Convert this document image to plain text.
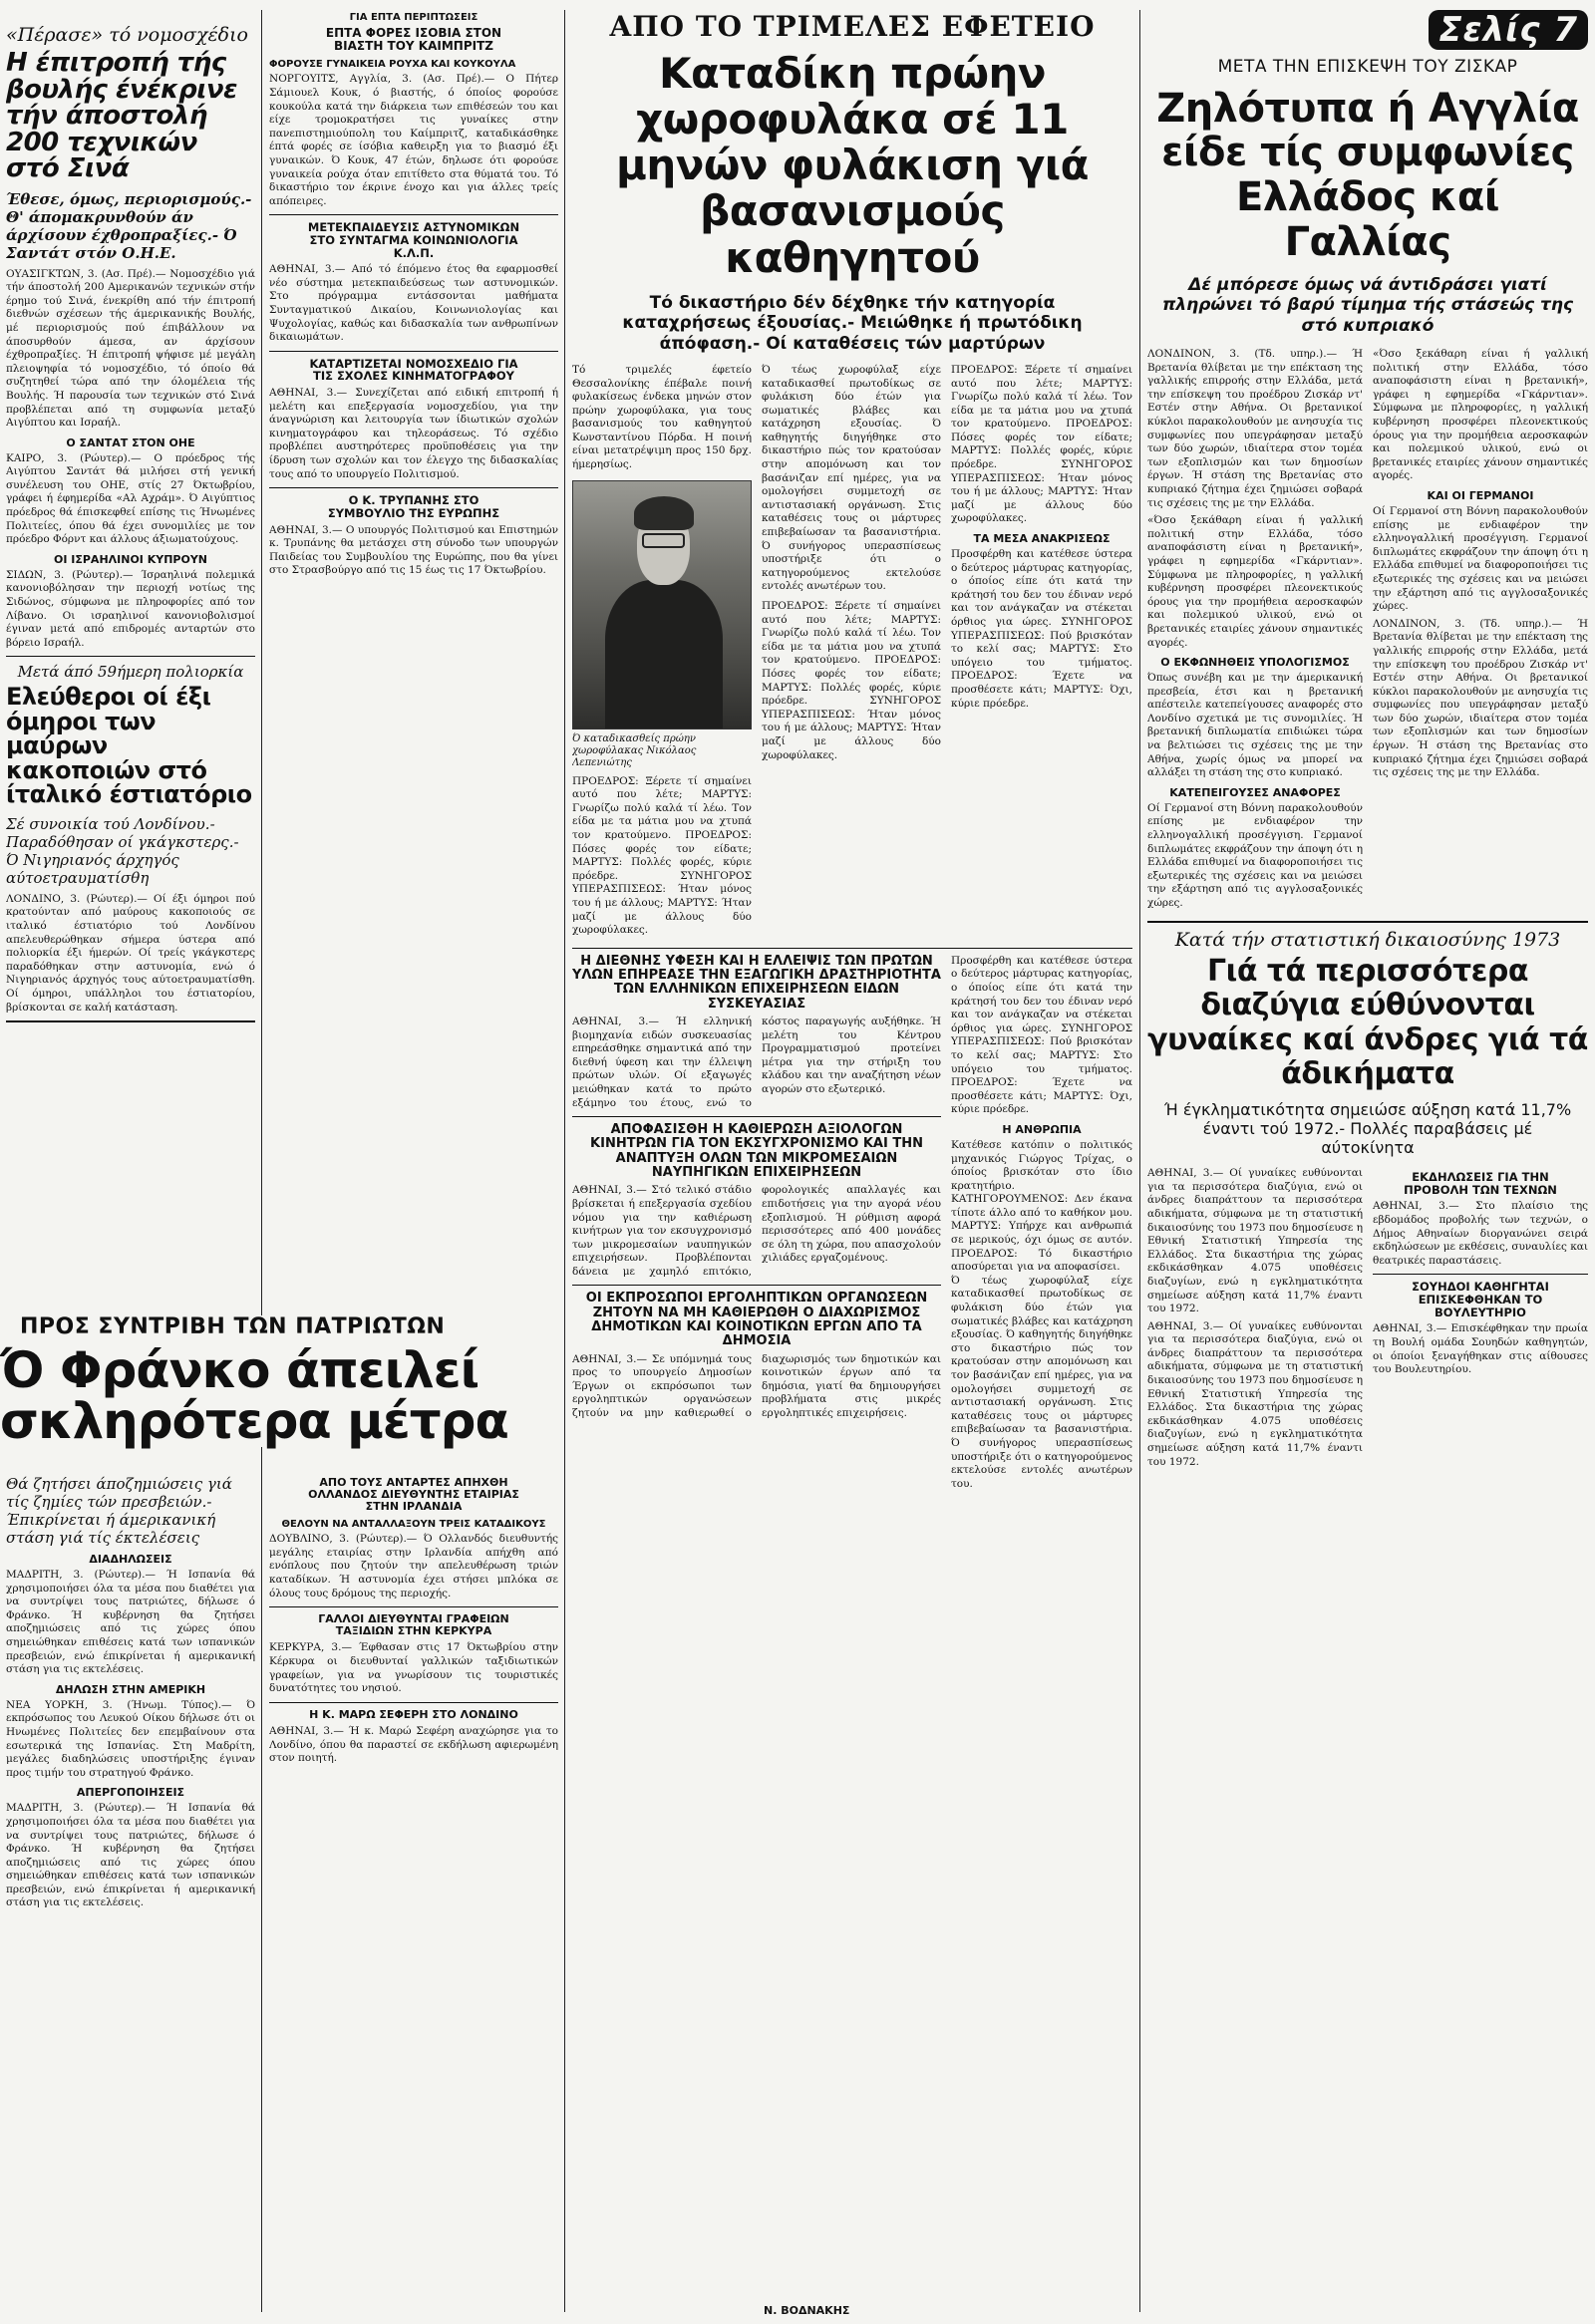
«Πέρασε» τό νομοσχέδιο
Η έπιτροπή τής βουλής ένέκρινε τήν άποστολή 200 τεχνικών στό Σινά
Έθεσε, όμως, περιορισμούς.- Θ' άπομακρυνθούν άν άρχίσουν έχθροπραξίες.- Ό Σαντάτ στόν Ο.Η.Ε.
ΟΥΑΣΙΓΚΤΩΝ, 3. (Ασ. Πρέ).— Νομοσχέδιο γιά τήν άποστολή 200 Αμερικανών τεχνικών στήν έρημο τού Σινά, ένεκρίθη από τήν έπιτροπή διεθνών σχέσεων τής άμερικανικής Βουλής, μέ περιορισμούς πού έπιβάλλουν να άποσυρθούν άμεσα, αν άρχίσουν έχθροπραξίες. Ή έπιτροπή ψήφισε μέ μεγάλη πλειοψηφία τό νομοσχέδιο, τό όποίο θά συζητηθεί τώρα από την όλομέλεια τής Βουλής. Ή παρουσία των τεχνικών στό Σινά προβλέπεται από τη συμφωνία μεταξύ Αιγύπτου και Ισραήλ.
Ο ΣΑΝΤΑΤ ΣΤΟΝ ΟΗΕ
ΚΑΙΡΟ, 3. (Ρώυτερ).— Ο πρόεδρος τής Αιγύπτου Σαντάτ θά μιλήσει στή γενική συνέλευση του ΟΗΕ, στίς 27 Όκτωβρίου, γράφει ή έφημερίδα «Αλ Αχράμ». Ό Αιγύπτιος πρόεδρος θά έπισκεφθεί επίσης τις Ήνωμένες Πολιτείες, όπου θά έχει συνομιλίες με τον πρόεδρο Φόρντ και άλλους άξιωματούχους.
ΟΙ ΙΣΡΑΗΛΙΝΟΙ ΚΥΠΡΟΥΝ
ΣΙΔΩΝ, 3. (Ρώυτερ).— Ίσραηλινά πολεμικά κανονιοβόλησαν την περιοχή νοτίως της Σιδώνος, σύμφωνα με πληροφορίες από τον Λίβανο. Οι ισραηλινοί κανονιοβολισμοί έγιναν μετά από επιδρομές ανταρτών στο βόρειο Ισραήλ.
Μετά άπό 59ήμερη πολιορκία
Ελεύθεροι οί έξι όμηροι των μαύρων κακοποιών στό ίταλικό έστιατόριο
Σέ συνοικία τού Λονδίνου.- Παραδόθησαν οί γκάγκστερς.- Ό Νιγηριανός άρχηγός αύτοετραυματίσθη
ΛΟΝΔΙΝΟ, 3. (Ρώυτερ).— Οί έξι όμηροι πού κρατούνταν από μαύρους κακοποιούς σε ιταλικό έστιατόριο τού Λονδίνου απελευθερώθηκαν σήμερα ύστερα από πολιορκία έξι ήμερών. Οί τρείς γκάγκστερς παραδόθηκαν στην αστυνομία, ενώ ό Νιγηριανός άρχηγός τους αύτοετραυματίσθη. Οί όμηροι, υπάλληλοι του έστιατορίου, βρίσκονται σε καλή κατάσταση.
ΠΡΟΣ ΣΥΝΤΡΙΒΗ ΤΩΝ ΠΑΤΡΙΩΤΩΝ
Ό Φράνκο άπειλεί
σκληρότερα μέτρα
Θά ζητήσει άποζημιώσεις γιά τίς ζημίες τών πρεσβειών.- Έπικρίνεται ή άμερικανική στάση γιά τίς έκτελέσεις
ΔΙΑΔΗΛΩΣΕΙΣ
ΜΑΔΡΙΤΗ, 3. (Ρώυτερ).— Ή Ισπανία θά χρησιμοποιήσει όλα τα μέσα που διαθέτει για να συντρίψει τους πατριώτες, δήλωσε ό Φράνκο. Ή κυβέρνηση θα ζητήσει αποζημιώσεις από τις χώρες όπου σημειώθηκαν επιθέσεις κατά των ισπανικών πρεσβειών, ενώ έπικρίνεται ή αμερικανική στάση για τις εκτελέσεις.
ΔΗΛΩΣΗ ΣΤΗΝ ΑΜΕΡΙΚΗ
ΝΕΑ ΥΟΡΚΗ, 3. (Ήνωμ. Τύπος).— Ό εκπρόσωπος του Λευκού Οίκου δήλωσε ότι οι Ηνωμένες Πολιτείες δεν επεμβαίνουν στα εσωτερικά της Ισπανίας. Στη Μαδρίτη, μεγάλες διαδηλώσεις υποστήριξης έγιναν προς τιμήν του στρατηγού Φράνκο.
ΑΠΕΡΓΟΠΟΙΗΣΕΙΣ
ΜΑΔΡΙΤΗ, 3. (Ρώυτερ).— Ή Ισπανία θά χρησιμοποιήσει όλα τα μέσα που διαθέτει για να συντρίψει τους πατριώτες, δήλωσε ό Φράνκο. Ή κυβέρνηση θα ζητήσει αποζημιώσεις από τις χώρες όπου σημειώθηκαν επιθέσεις κατά των ισπανικών πρεσβειών, ενώ έπικρίνεται ή αμερικανική στάση για τις εκτελέσεις.
ΓΙΑ ΕΠΤΑ ΠΕΡΙΠΤΩΣΕΙΣ
ΕΠΤΑ ΦΟΡΕΣ ΙΣΟΒΙΑ ΣΤΟΝ ΒΙΑΣΤΗ ΤΟΥ ΚΑΙΜΠΡΙΤΖ
ΦΟΡΟΥΣΕ ΓΥΝΑΙΚΕΙΑ ΡΟΥΧΑ ΚΑΙ ΚΟΥΚΟΥΛΑ
ΝΟΡΓΟΥΙΤΣ, Αγγλία, 3. (Ασ. Πρέ).— Ο Πήτερ Σάμιουελ Κουκ, ό βιαστής, ό όποίος φορούσε κουκούλα κατά την διάρκεια των επιθέσεών του και είχε τρομοκρατήσει τις γυναίκες στην πανεπιστημιούπολη του Καίμπριτζ, καταδικάσθηκε έπτά φορές σε ίσόβια καθειρξη για το βιασμό έξι γυναικών. Ό Κουκ, 47 έτών, δηλωσε ότι φορούσε γυναικεία ρούχα όταν επιτίθετο στα θύματά του. Τό δικαστήριο τον έκρινε ένοχο και για άλλες τρείς απόπειρες.
ΜΕΤΕΚΠΑΙΔΕΥΣΙΣ ΑΣΤΥΝΟΜΙΚΩΝ ΣΤΟ ΣΥΝΤΑΓΜΑ ΚΟΙΝΩΝΙΟΛΟΓΙΑ Κ.Λ.Π.
ΑΘΗΝΑΙ, 3.— Από τό έπόμενο έτος θα εφαρμοσθεί νέο σύστημα μετεκπαιδεύσεως των αστυνομικών. Στο πρόγραμμα εντάσσονται μαθήματα Συνταγματικού Δικαίου, Κοινωνιολογίας και Ψυχολογίας, καθώς και διδασκαλία των ανθρωπίνων δικαιωμάτων.
ΚΑΤΑΡΤΙΖΕΤΑΙ ΝΟΜΟΣΧΕΔΙΟ ΓΙΑ ΤΙΣ ΣΧΟΛΕΣ ΚΙΝΗΜΑΤΟΓΡΑΦΟΥ
ΑΘΗΝΑΙ, 3.— Συνεχίζεται από ειδική επιτροπή ή μελέτη και επεξεργασία νομοσχεδίου, για την άναγνώριση και λειτουργία των ίδιωτικών σχολών κινηματογράφου και τηλεοράσεως. Τό σχέδιο προβλέπει αυστηρότερες προϋποθέσεις για την ίδρυση των σχολών και τον έλεγχο της διδασκαλίας τους από το υπουργείο Πολιτισμού.
Ο Κ. ΤΡΥΠΑΝΗΣ ΣΤΟ ΣΥΜΒΟΥΛΙΟ ΤΗΣ ΕΥΡΩΠΗΣ
ΑΘΗΝΑΙ, 3.— Ο υπουργός Πολιτισμού και Επιστημών κ. Τρυπάνης θα μετάσχει στη σύνοδο των υπουργών Παιδείας του Συμβουλίου της Ευρώπης, που θα γίνει στο Στρασβούργο από τις 15 έως τις 17 Όκτωβρίου.
ΑΠΟ ΤΟΥΣ ΑΝΤΑΡΤΕΣ ΑΠΗΧΘΗ ΟΛΛΑΝΔΟΣ ΔΙΕΥΘΥΝΤΗΣ ΕΤΑΙΡΙΑΣ ΣΤΗΝ ΙΡΛΑΝΔΙΑ
ΘΕΛΟΥΝ ΝΑ ΑΝΤΑΛΛΑΞΟΥΝ ΤΡΕΙΣ ΚΑΤΑΔΙΚΟΥΣ
ΔΟΥΒΛΙΝΟ, 3. (Ρώυτερ).— Ό Ολλανδός διευθυντής μεγάλης εταιρίας στην Ιρλανδία απήχθη από ενόπλους που ζητούν την απελευθέρωση τριών καταδίκων. Ή αστυνομία έχει στήσει μπλόκα σε όλους τους δρόμους της περιοχής.
ΓΑΛΛΟΙ ΔΙΕΥΘΥΝΤΑΙ ΓΡΑΦΕΙΩΝ ΤΑΞΙΔΙΩΝ ΣΤΗΝ ΚΕΡΚΥΡΑ
ΚΕΡΚΥΡΑ, 3.— Έφθασαν στις 17 Όκτωβρίου στην Κέρκυρα οι διευθυνταί γαλλικών ταξιδιωτικών γραφείων, για να γνωρίσουν τις τουριστικές δυνατότητες του νησιού.
Η Κ. ΜΑΡΩ ΣΕΦΕΡΗ ΣΤΟ ΛΟΝΔΙΝΟ
ΑΘΗΝΑΙ, 3.— Ή κ. Μαρώ Σεφέρη αναχώρησε για το Λονδίνο, όπου θα παραστεί σε εκδήλωση αφιερωμένη στον ποιητή.
ΑΠΟ ΤΟ ΤΡΙΜΕΛΕΣ ΕΦΕΤΕΙΟ
Καταδίκη πρώην χωροφυλάκα σέ 11 μηνών φυλάκιση γιά βασανισμούς καθηγητού
Τό δικαστήριο δέν δέχθηκε τήν κατηγορία καταχρήσεως έξουσίας.- Μειώθηκε ή πρωτόδικη άπόφαση.- Οί καταθέσεις τών μαρτύρων
Τό τριμελές έφετείο Θεσσαλονίκης έπέβαλε ποινή φυλακίσεως ένδεκα μηνών στον πρώην χωροφύλακα, για τους βασανισμούς του καθηγητού Κωνσταντίνου Πόρδα. Η ποινή είναι μετατρέψιμη προς 150 δρχ. ήμερησίως.
Ό καταδικασθείς πρώην χωροφύλακας Νικόλαος Λεπενιώτης
ΠΡΟΕΔΡΟΣ: Ξέρετε τί σημαίνει αυτό που λέτε; ΜΑΡΤΥΣ: Γνωρίζω πολύ καλά τί λέω. Τον είδα με τα μάτια μου να χτυπά τον κρατούμενο. ΠΡΟΕΔΡΟΣ: Πόσες φορές τον είδατε; ΜΑΡΤΥΣ: Πολλές φορές, κύριε πρόεδρε. ΣΥΝΗΓΟΡΟΣ ΥΠΕΡΑΣΠΙΣΕΩΣ: Ήταν μόνος του ή με άλλους; ΜΑΡΤΥΣ: Ήταν μαζί με άλλους δύο χωροφύλακες.
Ό τέως χωροφύλαξ είχε καταδικασθεί πρωτοδίκως σε φυλάκιση δύο έτών για σωματικές βλάβες και κατάχρηση εξουσίας. Ό καθηγητής διηγήθηκε στο δικαστήριο πώς τον κρατούσαν στην απομόνωση και τον βασάνιζαν επί ημέρες, για να ομολογήσει συμμετοχή σε αντιστασιακή οργάνωση. Στις καταθέσεις τους οι μάρτυρες επιβεβαίωσαν τα βασανιστήρια. Ό συνήγορος υπερασπίσεως υποστήριξε ότι ο κατηγορούμενος εκτελούσε εντολές ανωτέρων του.
ΠΡΟΕΔΡΟΣ: Ξέρετε τί σημαίνει αυτό που λέτε; ΜΑΡΤΥΣ: Γνωρίζω πολύ καλά τί λέω. Τον είδα με τα μάτια μου να χτυπά τον κρατούμενο. ΠΡΟΕΔΡΟΣ: Πόσες φορές τον είδατε; ΜΑΡΤΥΣ: Πολλές φορές, κύριε πρόεδρε. ΣΥΝΗΓΟΡΟΣ ΥΠΕΡΑΣΠΙΣΕΩΣ: Ήταν μόνος του ή με άλλους; ΜΑΡΤΥΣ: Ήταν μαζί με άλλους δύο χωροφύλακες.
ΠΡΟΕΔΡΟΣ: Ξέρετε τί σημαίνει αυτό που λέτε; ΜΑΡΤΥΣ: Γνωρίζω πολύ καλά τί λέω. Τον είδα με τα μάτια μου να χτυπά τον κρατούμενο. ΠΡΟΕΔΡΟΣ: Πόσες φορές τον είδατε; ΜΑΡΤΥΣ: Πολλές φορές, κύριε πρόεδρε. ΣΥΝΗΓΟΡΟΣ ΥΠΕΡΑΣΠΙΣΕΩΣ: Ήταν μόνος του ή με άλλους; ΜΑΡΤΥΣ: Ήταν μαζί με άλλους δύο χωροφύλακες.
ΤΑ ΜΕΣΑ ΑΝΑΚΡΙΣΕΩΣ
Προσφέρθη και κατέθεσε ύστερα ο δεύτερος μάρτυρας κατηγορίας, ο όποίος είπε ότι κατά την κράτησή του δεν του έδιναν νερό και τον ανάγκαζαν να στέκεται όρθιος για ώρες. ΣΥΝΗΓΟΡΟΣ ΥΠΕΡΑΣΠΙΣΕΩΣ: Πού βρισκόταν το κελί σας; ΜΑΡΤΥΣ: Στο υπόγειο του τμήματος. ΠΡΟΕΔΡΟΣ: Έχετε να προσθέσετε κάτι; ΜΑΡΤΥΣ: Όχι, κύριε πρόεδρε.
Η ΔΙΕΘΝΗΣ ΥΦΕΣΗ ΚΑΙ Η ΕΛΛΕΙΨΙΣ ΤΩΝ ΠΡΩΤΩΝ ΥΛΩΝ ΕΠΗΡΕΑΣΕ ΤΗΝ ΕΞΑΓΩΓΙΚΗ ΔΡΑΣΤΗΡΙΟΤΗΤΑ ΤΩΝ ΕΛΛΗΝΙΚΩΝ ΕΠΙΧΕΙΡΗΣΕΩΝ ΕΙΔΩΝ ΣΥΣΚΕΥΑΣΙΑΣ
ΑΘΗΝΑΙ, 3.— Ή ελληνική βιομηχανία ειδών συσκευασίας επηρεάσθηκε σημαντικά από την διεθνή ύφεση και την έλλειψη πρώτων υλών. Οί εξαγωγές μειώθηκαν κατά το πρώτο εξάμηνο του έτους, ενώ το κόστος παραγωγής αυξήθηκε. Ή μελέτη του Κέντρου Προγραμματισμού προτείνει μέτρα για την στήριξη του κλάδου και την αναζήτηση νέων αγορών στο εξωτερικό.
ΑΠΟΦΑΣΙΣΘΗ Η ΚΑΘΙΕΡΩΣΗ ΑΞΙΟΛΟΓΩΝ ΚΙΝΗΤΡΩΝ ΓΙΑ ΤΟΝ ΕΚΣΥΓΧΡΟΝΙΣΜΟ ΚΑΙ ΤΗΝ ΑΝΑΠΤΥΞΗ ΟΛΩΝ ΤΩΝ ΜΙΚΡΟΜΕΣΑΙΩΝ ΝΑΥΠΗΓΙΚΩΝ ΕΠΙΧΕΙΡΗΣΕΩΝ
ΑΘΗΝΑΙ, 3.— Στό τελικό στάδιο βρίσκεται ή επεξεργασία σχεδίου νόμου για την καθιέρωση κινήτρων για τον εκσυγχρονισμό των μικρομεσαίων ναυπηγικών επιχειρήσεων. Προβλέπονται δάνεια με χαμηλό επιτόκιο, φορολογικές απαλλαγές και επιδοτήσεις για την αγορά νέου εξοπλισμού. Ή ρύθμιση αφορά περισσότερες από 400 μονάδες σε όλη τη χώρα, που απασχολούν χιλιάδες εργαζομένους.
ΟΙ ΕΚΠΡΟΣΩΠΟΙ ΕΡΓΟΛΗΠΤΙΚΩΝ ΟΡΓΑΝΩΣΕΩΝ ΖΗΤΟΥΝ ΝΑ ΜΗ ΚΑΘΙΕΡΩΘΗ Ο ΔΙΑΧΩΡΙΣΜΟΣ ΔΗΜΟΤΙΚΩΝ ΚΑΙ ΚΟΙΝΟΤΙΚΩΝ ΕΡΓΩΝ ΑΠΟ ΤΑ ΔΗΜΟΣΙΑ
ΑΘΗΝΑΙ, 3.— Σε υπόμνημά τους προς το υπουργείο Δημοσίων Έργων οι εκπρόσωποι των εργοληπτικών οργανώσεων ζητούν να μην καθιερωθεί ο διαχωρισμός των δημοτικών και κοινοτικών έργων από τα δημόσια, γιατί θα δημιουργήσει προβλήματα στις μικρές εργοληπτικές επιχειρήσεις.
Προσφέρθη και κατέθεσε ύστερα ο δεύτερος μάρτυρας κατηγορίας, ο όποίος είπε ότι κατά την κράτησή του δεν του έδιναν νερό και τον ανάγκαζαν να στέκεται όρθιος για ώρες. ΣΥΝΗΓΟΡΟΣ ΥΠΕΡΑΣΠΙΣΕΩΣ: Πού βρισκόταν το κελί σας; ΜΑΡΤΥΣ: Στο υπόγειο του τμήματος. ΠΡΟΕΔΡΟΣ: Έχετε να προσθέσετε κάτι; ΜΑΡΤΥΣ: Όχι, κύριε πρόεδρε.
Η ΑΝΘΡΩΠΙΑ
Κατέθεσε κατόπιν ο πολιτικός μηχανικός Γιώργος Τρίχας, ο όποίος βρισκόταν στο ίδιο κρατητήριο. ΚΑΤΗΓΟΡΟΥΜΕΝΟΣ: Δεν έκανα τίποτε άλλο από το καθήκον μου. ΜΑΡΤΥΣ: Υπήρχε και ανθρωπιά σε μερικούς, όχι όμως σε αυτόν. ΠΡΟΕΔΡΟΣ: Τό δικαστήριο αποσύρεται για να αποφασίσει.
Ό τέως χωροφύλαξ είχε καταδικασθεί πρωτοδίκως σε φυλάκιση δύο έτών για σωματικές βλάβες και κατάχρηση εξουσίας. Ό καθηγητής διηγήθηκε στο δικαστήριο πώς τον κρατούσαν στην απομόνωση και τον βασάνιζαν επί ημέρες, για να ομολογήσει συμμετοχή σε αντιστασιακή οργάνωση. Στις καταθέσεις τους οι μάρτυρες επιβεβαίωσαν τα βασανιστήρια. Ό συνήγορος υπερασπίσεως υποστήριξε ότι ο κατηγορούμενος εκτελούσε εντολές ανωτέρων του.
Ν. ΒΟΔΝΑΚΗΣ
Σελίς 7
ΜΕΤΑ ΤΗΝ ΕΠΙΣΚΕΨΗ ΤΟΥ ΖΙΣΚΑΡ
Ζηλότυπα ή Αγγλία είδε τίς συμφωνίες Ελλάδος καί Γαλλίας
Δέ μπόρεσε όμως νά άντιδράσει γιατί πληρώνει τό βαρύ τίμημα τής στάσεώς της στό κυπριακό
ΛΟΝΔΙΝΟΝ, 3. (Τδ. υπηρ.).— Ή Βρετανία θλίβεται με την επέκταση της γαλλικής επιρροής στην Ελλάδα, μετά την επίσκεψη του προέδρου Ζισκάρ ντ' Εστέν στην Αθήνα. Οι βρετανικοί κύκλοι παρακολουθούν με ανησυχία τις συμφωνίες που υπεγράφησαν μεταξύ των δύο χωρών, ιδιαίτερα στον τομέα των εξοπλισμών και των δημοσίων έργων. Ή στάση της Βρετανίας στο κυπριακό ζήτημα έχει ζημιώσει σοβαρά τις σχέσεις της με την Ελλάδα.
«Όσο ξεκάθαρη είναι ή γαλλική πολιτική στην Ελλάδα, τόσο αναποφάσιστη είναι η βρετανική», γράφει η εφημερίδα «Γκάρντιαν». Σύμφωνα με πληροφορίες, η γαλλική κυβέρνηση προσφέρει πλεονεκτικούς όρους για την προμήθεια αεροσκαφών και πολεμικού υλικού, ενώ οι βρετανικές εταιρίες χάνουν σημαντικές αγορές.
Ο ΕΚΦΩΝΗΘΕΙΣ ΥΠΟΛΟΓΙΣΜΟΣ
Όπως συνέβη και με την άμερικανική πρεσβεία, έτσι και η βρετανική απέστειλε κατεπείγουσες αναφορές στο Λονδίνο σχετικά με τις συνομιλίες. Ή βρετανική διπλωματία επιδιώκει τώρα να βελτιώσει τις σχέσεις της με την Αθήνα, χωρίς όμως να μπορεί να αλλάξει τη στάση της στο κυπριακό.
ΚΑΤΕΠΕΙΓΟΥΣΕΣ ΑΝΑΦΟΡΕΣ
Οί Γερμανοί στη Βόννη παρακολουθούν επίσης με ενδιαφέρον την ελληνογαλλική προσέγγιση. Γερμανοί διπλωμάτες εκφράζουν την άποψη ότι η Ελλάδα επιθυμεί να διαφοροποιήσει τις εξωτερικές της σχέσεις και να μειώσει την εξάρτηση από τις αγγλοσαξονικές χώρες.
«Όσο ξεκάθαρη είναι ή γαλλική πολιτική στην Ελλάδα, τόσο αναποφάσιστη είναι η βρετανική», γράφει η εφημερίδα «Γκάρντιαν». Σύμφωνα με πληροφορίες, η γαλλική κυβέρνηση προσφέρει πλεονεκτικούς όρους για την προμήθεια αεροσκαφών και πολεμικού υλικού, ενώ οι βρετανικές εταιρίες χάνουν σημαντικές αγορές.
ΚΑΙ ΟΙ ΓΕΡΜΑΝΟΙ
Οί Γερμανοί στη Βόννη παρακολουθούν επίσης με ενδιαφέρον την ελληνογαλλική προσέγγιση. Γερμανοί διπλωμάτες εκφράζουν την άποψη ότι η Ελλάδα επιθυμεί να διαφοροποιήσει τις εξωτερικές της σχέσεις και να μειώσει την εξάρτηση από τις αγγλοσαξονικές χώρες.
ΛΟΝΔΙΝΟΝ, 3. (Τδ. υπηρ.).— Ή Βρετανία θλίβεται με την επέκταση της γαλλικής επιρροής στην Ελλάδα, μετά την επίσκεψη του προέδρου Ζισκάρ ντ' Εστέν στην Αθήνα. Οι βρετανικοί κύκλοι παρακολουθούν με ανησυχία τις συμφωνίες που υπεγράφησαν μεταξύ των δύο χωρών, ιδιαίτερα στον τομέα των εξοπλισμών και των δημοσίων έργων. Ή στάση της Βρετανίας στο κυπριακό ζήτημα έχει ζημιώσει σοβαρά τις σχέσεις της με την Ελλάδα.
Κατά τήν στατιστική δικαιοσύνης 1973
Γιά τά περισσότερα διαζύγια εύθύνονται γυναίκες καί άνδρες γιά τά άδικήματα
Ή έγκληματικότητα σημειώσε αύξηση κατά 11,7% έναντι τού 1972.- Πολλές παραβάσεις μέ αύτοκίνητα
ΑΘΗΝΑΙ, 3.— Οί γυναίκες ευθύνονται για τα περισσότερα διαζύγια, ενώ οι άνδρες διαπράττουν τα περισσότερα αδικήματα, σύμφωνα με τη στατιστική δικαιοσύνης του 1973 που δημοσίευσε η Εθνική Στατιστική Υπηρεσία της Ελλάδος. Στα δικαστήρια της χώρας εκδικάσθηκαν 4.075 υποθέσεις διαζυγίων, ενώ η εγκληματικότητα σημείωσε αύξηση κατά 11,7% έναντι του 1972.
ΑΘΗΝΑΙ, 3.— Οί γυναίκες ευθύνονται για τα περισσότερα διαζύγια, ενώ οι άνδρες διαπράττουν τα περισσότερα αδικήματα, σύμφωνα με τη στατιστική δικαιοσύνης του 1973 που δημοσίευσε η Εθνική Στατιστική Υπηρεσία της Ελλάδος. Στα δικαστήρια της χώρας εκδικάσθηκαν 4.075 υποθέσεις διαζυγίων, ενώ η εγκληματικότητα σημείωσε αύξηση κατά 11,7% έναντι του 1972.
ΕΚΔΗΛΩΣΕΙΣ ΓΙΑ ΤΗΝ ΠΡΟΒΟΛΗ ΤΩΝ ΤΕΧΝΩΝ
ΑΘΗΝΑΙ, 3.— Στο πλαίσιο της εβδομάδος προβολής των τεχνών, ο Δήμος Αθηναίων διοργανώνει σειρά εκδηλώσεων με εκθέσεις, συναυλίες και θεατρικές παραστάσεις.
ΣΟΥΗΔΟΙ ΚΑΘΗΓΗΤΑΙ ΕΠΙΣΚΕΦΘΗΚΑΝ ΤΟ ΒΟΥΛΕΥΤΗΡΙΟ
ΑΘΗΝΑΙ, 3.— Επισκέφθηκαν την πρωία τη Βουλή ομάδα Σουηδών καθηγητών, οι όποίοι ξεναγήθηκαν στις αίθουσες του Βουλευτηρίου.
